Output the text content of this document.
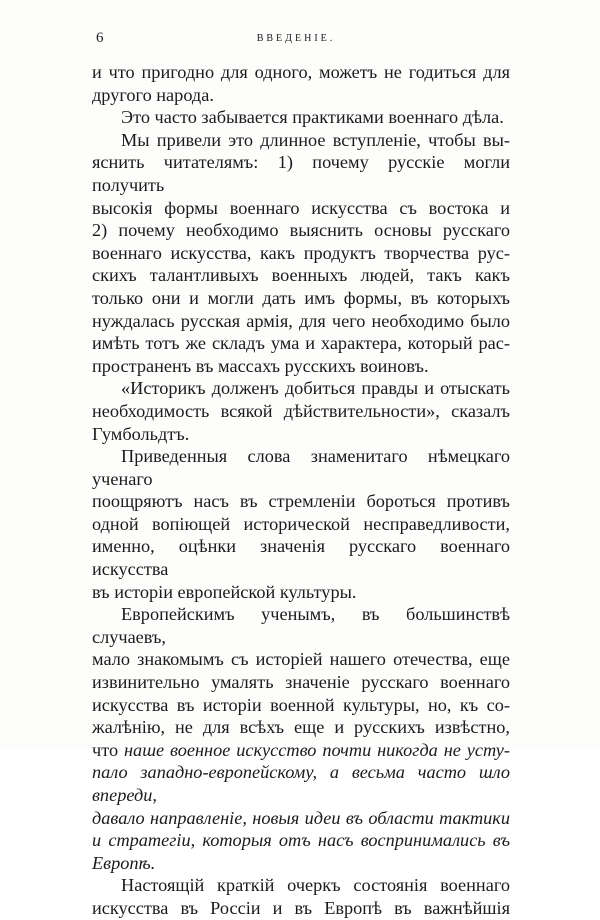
6	ВВЕДЕНІЕ.
и что пригодно для одного, можетъ не годиться для
другого народа.
Это часто забывается практиками военнаго дѣла.
Мы привели это длинное вступленіе, чтобы вы-
яснить читателямъ: 1) почему русскіе могли получить
высокія формы военнаго искусства съ востока и
2) почему необходимо выяснить основы русскаго
военнаго искусства, какъ продуктъ творчества рус-
скихъ талантливыхъ военныхъ людей, такъ какъ
только они и могли дать имъ формы, въ которыхъ
нуждалась русская армія, для чего необходимо было
имѣть тотъ же складъ ума и характера, который рас-
пространенъ въ массахъ русскихъ воиновъ.
«Историкъ долженъ добиться правды и отыскать
необходимость всякой дѣйствительности», сказалъ
Гумбольдтъ.
Приведенныя слова знаменитаго нѣмецкаго ученаго
поощряютъ насъ въ стремленіи бороться противъ
одной вопіющей исторической несправедливости,
именно, оцѣнки значенія русскаго военнаго искусства
въ исторіи европейской культуры.
Европейскимъ ученымъ, въ большинствѣ случаевъ,
мало знакомымъ съ исторіей нашего отечества, еще
извинительно умалять значеніе русскаго военнаго
искусства въ исторіи военной культуры, но, къ со-
жалѣнію, не для всѣхъ еще и русскихъ извѣстно,
что наше военное искусство почти никогда не усту-
пало западно-европейскому, а весьма часто шло впереди,
давало направленіе, новыя идеи въ области тактики
и стратегіи, которыя отъ насъ воспринимались въ
Европѣ.
Настоящій краткій очеркъ состоянія военнаго
искусства въ Россіи и въ Европѣ въ важнѣйшія
